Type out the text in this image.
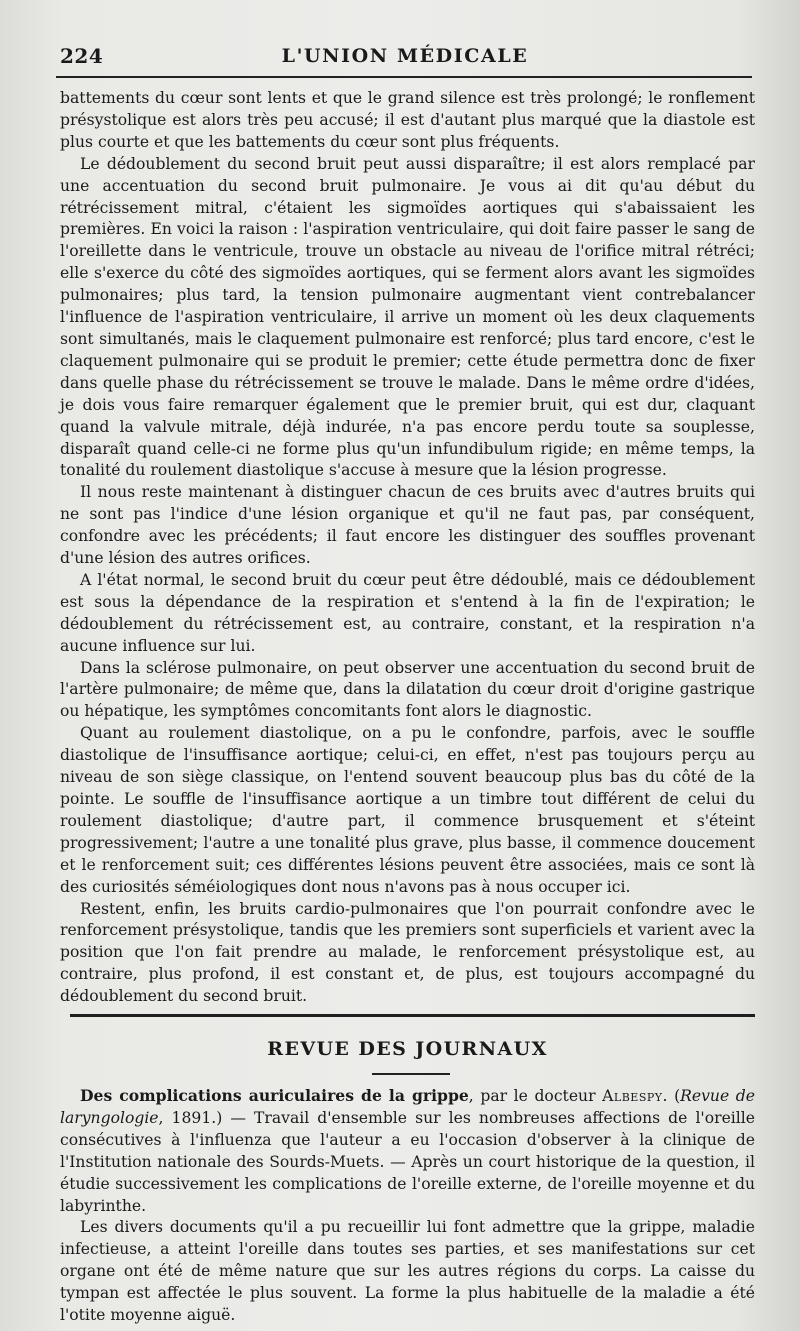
224	L'UNION MÉDICALE

battements du cœur sont lents et que le grand silence est très prolongé; le ronflement présystolique est alors très peu accusé; il est d'autant plus marqué que la diastole est plus courte et que les battements du cœur sont plus fréquents.

Le dédoublement du second bruit peut aussi disparaître; il est alors remplacé par une accentuation du second bruit pulmonaire. Je vous ai dit qu'au début du rétrécissement mitral, c'étaient les sigmoïdes aortiques qui s'abaissaient les premières. En voici la raison : l'aspiration ventriculaire, qui doit faire passer le sang de l'oreillette dans le ventricule, trouve un obstacle au niveau de l'orifice mitral rétréci; elle s'exerce du côté des sigmoïdes aortiques, qui se ferment alors avant les sigmoïdes pulmonaires; plus tard, la tension pulmonaire augmentant vient contrebalancer l'influence de l'aspiration ventriculaire, il arrive un moment où les deux claquements sont simultanés, mais le claquement pulmonaire est renforcé; plus tard encore, c'est le claquement pulmonaire qui se produit le premier; cette étude permettra donc de fixer dans quelle phase du rétrécissement se trouve le malade. Dans le même ordre d'idées, je dois vous faire remarquer également que le premier bruit, qui est dur, claquant quand la valvule mitrale, déjà indurée, n'a pas encore perdu toute sa souplesse, disparaît quand celle-ci ne forme plus qu'un infundibulum rigide; en même temps, la tonalité du roulement diastolique s'accuse à mesure que la lésion progresse.

Il nous reste maintenant à distinguer chacun de ces bruits avec d'autres bruits qui ne sont pas l'indice d'une lésion organique et qu'il ne faut pas, par conséquent, confondre avec les précédents; il faut encore les distinguer des souffles provenant d'une lésion des autres orifices.

A l'état normal, le second bruit du cœur peut être dédoublé, mais ce dédoublement est sous la dépendance de la respiration et s'entend à la fin de l'expiration; le dédoublement du rétrécissement est, au contraire, constant, et la respiration n'a aucune influence sur lui.

Dans la sclérose pulmonaire, on peut observer une accentuation du second bruit de l'artère pulmonaire; de même que, dans la dilatation du cœur droit d'origine gastrique ou hépatique, les symptômes concomitants font alors le diagnostic.

Quant au roulement diastolique, on a pu le confondre, parfois, avec le souffle diastolique de l'insuffisance aortique; celui-ci, en effet, n'est pas toujours perçu au niveau de son siège classique, on l'entend souvent beaucoup plus bas du côté de la pointe. Le souffle de l'insuffisance aortique a un timbre tout différent de celui du roulement diastolique; d'autre part, il commence brusquement et s'éteint progressivement; l'autre a une tonalité plus grave, plus basse, il commence doucement et le renforcement suit; ces différentes lésions peuvent être associées, mais ce sont là des curiosités séméiologiques dont nous n'avons pas à nous occuper ici.

Restent, enfin, les bruits cardio-pulmonaires que l'on pourrait confondre avec le renforcement présystolique, tandis que les premiers sont superficiels et varient avec la position que l'on fait prendre au malade, le renforcement présystolique est, au contraire, plus profond, il est constant et, de plus, est toujours accompagné du dédoublement du second bruit.

REVUE DES JOURNAUX

Des complications auriculaires de la grippe, par le docteur Albespy. (Revue de laryngologie, 1891.) — Travail d'ensemble sur les nombreuses affections de l'oreille consécutives à l'influenza que l'auteur a eu l'occasion d'observer à la clinique de l'Institution nationale des Sourds-Muets. — Après un court historique de la question, il étudie successivement les complications de l'oreille externe, de l'oreille moyenne et du labyrinthe.

Les divers documents qu'il a pu recueillir lui font admettre que la grippe, maladie infectieuse, a atteint l'oreille dans toutes ses parties, et ses manifestations sur cet organe ont été de même nature que sur les autres régions du corps. La caisse du tympan est affectée le plus souvent. La forme la plus habituelle de la maladie a été l'otite moyenne aiguë.
